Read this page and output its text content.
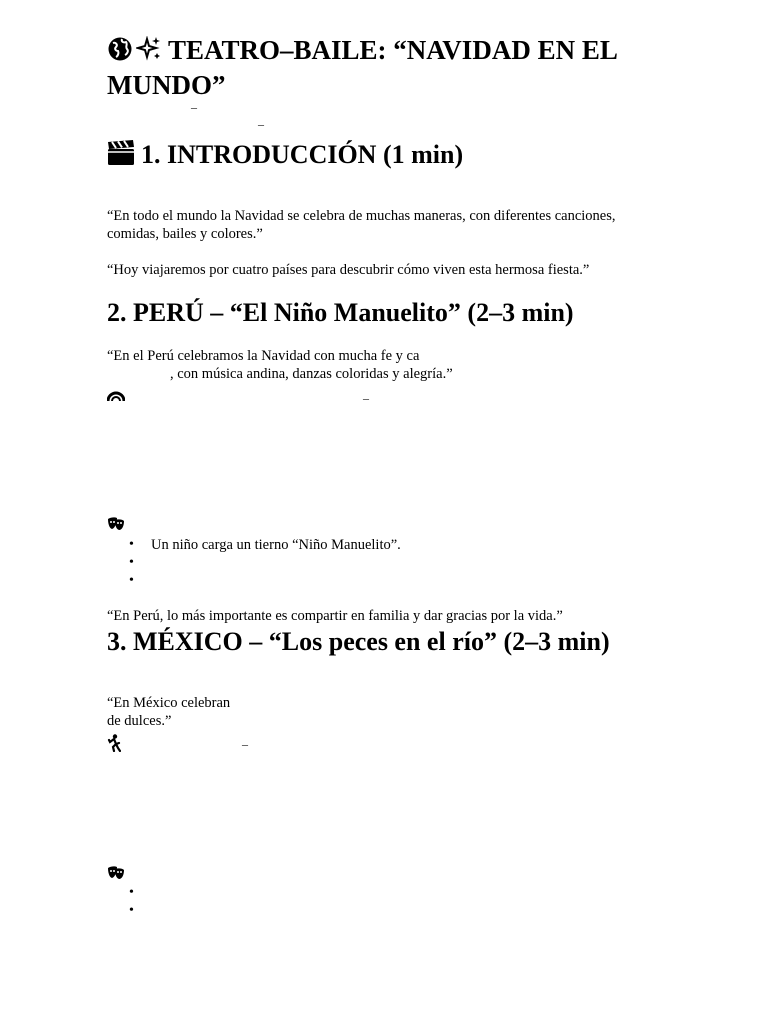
TEATRO–BAILE: “NAVIDAD EN EL
MUNDO”
–
–
1. INTRODUCCIÓN (1 min)
“En todo el mundo la Navidad se celebra de muchas maneras, con diferentes canciones,
comidas, bailes y colores.”
“Hoy viajaremos por cuatro países para descubrir cómo viven esta hermosa fiesta.”
2. PERÚ – “El Niño Manuelito” (2–3 min)
“En el Perú celebramos la Navidad con mucha fe y ca
, con música andina, danzas coloridas y alegría.”
–
• Un niño carga un tierno “Niño Manuelito”.
•
•
“En Perú, lo más importante es compartir en familia y dar gracias por la vida.”
3. MÉXICO – “Los peces en el río” (2–3 min)
“En México celebran
de dulces.”
–
•
•
